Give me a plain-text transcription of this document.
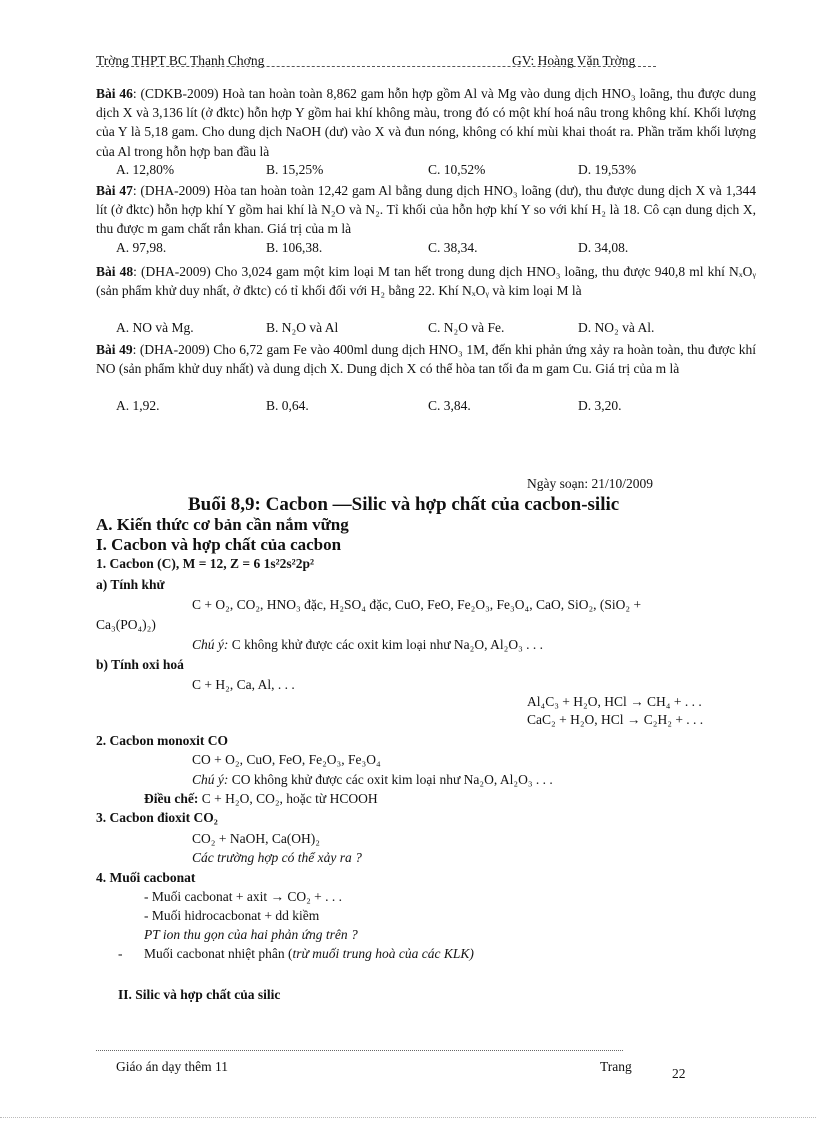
Trờng THPT BC Thanh Chơng	GV: Hoàng Văn Trờng
Bài 46: (CDKB-2009) Hoà tan hoàn toàn 8,862 gam hỗn hợp gồm Al và Mg vào dung dịch HNO₃ loãng, thu được dung dịch X và 3,136 lít (ở đktc) hỗn hợp Y gồm hai khí không màu, trong đó có một khí hoá nâu trong không khí. Khối lượng của Y là 5,18 gam. Cho dung dịch NaOH (dư) vào X và đun nóng, không có khí mùi khai thoát ra. Phần trăm khối lượng của Al trong hỗn hợp ban đầu là
A. 12,80%	B. 15,25%	C. 10,52%	D. 19,53%
Bài 47: (DHA-2009) Hòa tan hoàn toàn 12,42 gam Al bằng dung dịch HNO₃ loãng (dư), thu được dung dịch X và 1,344 lít (ở đktc) hỗn hợp khí Y gồm hai khí là N₂O và N₂. Tỉ khối của hỗn hợp khí Y so với khí H₂ là 18. Cô cạn dung dịch X, thu được m gam chất rắn khan. Giá trị của m là
A. 97,98.	B. 106,38.	C. 38,34.	D. 34,08.
Bài 48: (DHA-2009) Cho 3,024 gam một kim loại M tan hết trong dung dịch HNO₃ loãng, thu được 940,8 ml khí NₓOᵧ (sản phẩm khử duy nhất, ở đktc) có tỉ khối đối với H₂ bằng 22. Khí NₓOᵧ và kim loại M là
A. NO và Mg.	B. N₂O và Al	C. N₂O và Fe.	D. NO₂ và Al.
Bài 49: (DHA-2009) Cho 6,72 gam Fe vào 400ml dung dịch HNO₃ 1M, đến khi phản ứng xảy ra hoàn toàn, thu được khí NO (sản phẩm khử duy nhất) và dung dịch X. Dung dịch X có thể hòa tan tối đa m gam Cu. Giá trị của m là
A. 1,92.	B. 0,64.	C. 3,84.	D. 3,20.
Ngày soạn: 21/10/2009
Buổi 8,9: Cacbon —Silic và hợp chất của cacbon-silic
A. Kiến thức cơ bản cần nắm vững
I. Cacbon và hợp chất của cacbon
1. Cacbon (C), M = 12, Z = 6 1s²2s²2p²
a) Tính khử
C + O₂, CO₂, HNO₃ đặc, H₂SO₄ đặc, CuO, FeO, Fe₂O₃, Fe₃O₄, CaO, SiO₂, (SiO₂ +
Ca₃(PO₄)₂)
Chú ý: C không khử được các oxit kim loại như Na₂O, Al₂O₃ . . .
b) Tính oxi hoá
C + H₂, Ca, Al, . . .
Al₄C₃ + H₂O, HCl → CH₄ + . . .
CaC₂ + H₂O, HCl → C₂H₂ + . . .
2. Cacbon monoxit CO
CO + O₂, CuO, FeO, Fe₂O₃, Fe₃O₄
Chú ý: CO không khử được các oxit kim loại như Na₂O, Al₂O₃ . . .
Điều chế: C + H₂O, CO₂, hoặc từ HCOOH
3. Cacbon đioxit CO₂
CO₂ + NaOH, Ca(OH)₂
Các trường hợp có thể xảy ra ?
4. Muối cacbonat
- Muối cacbonat + axit → CO₂ + . . .
- Muối hidrocacbonat + dd kiềm
PT ion thu gọn của hai phản ứng trên ?
- Muối cacbonat nhiệt phân (trừ muối trung hoà của các KLK)
II. Silic và hợp chất của silic
Giáo án dạy thêm 11	Trang	22
